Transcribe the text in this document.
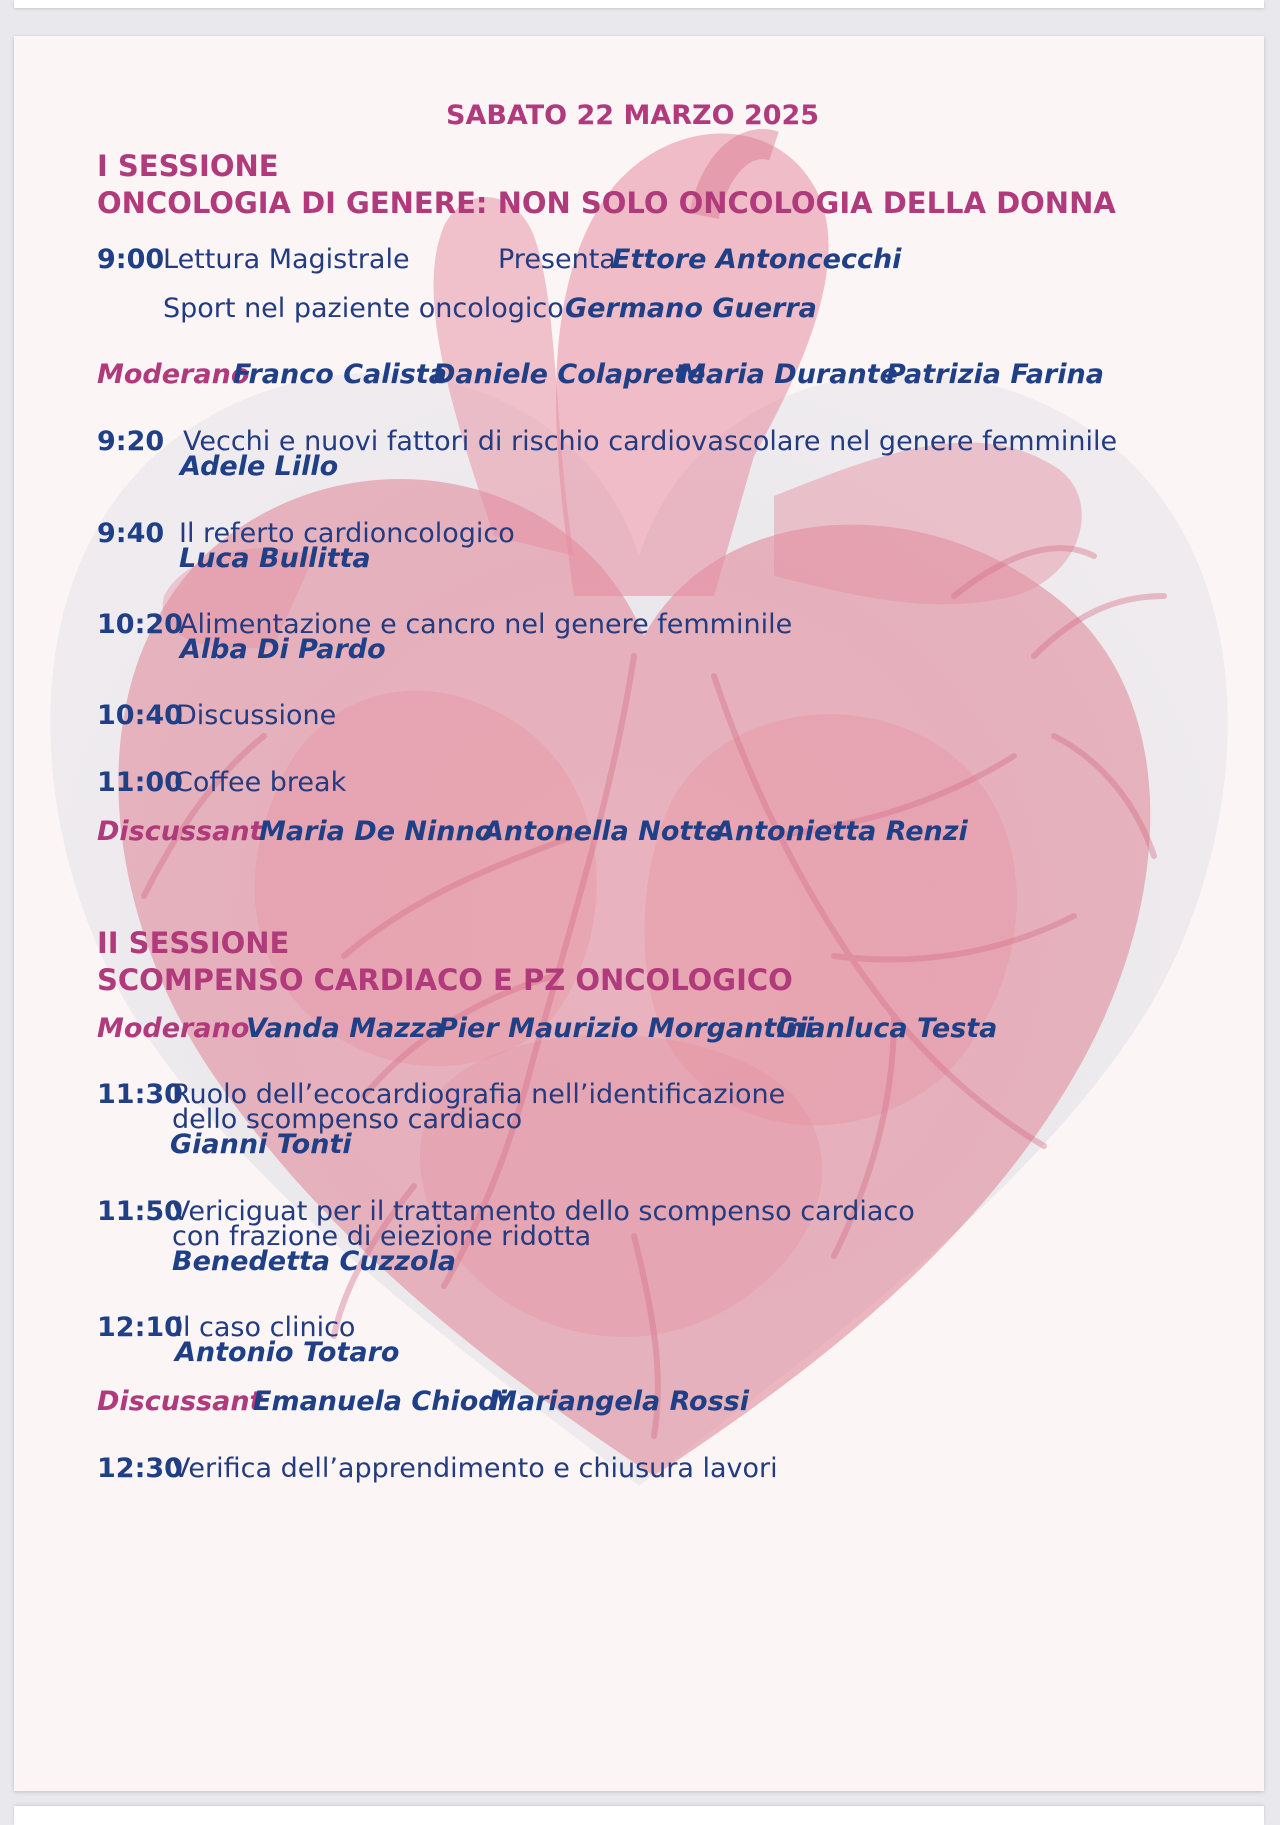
SABATO 22 MARZO 2025
I SESSIONE
ONCOLOGIA DI GENERE: NON SOLO ONCOLOGIA DELLA DONNA
9:00
Lettura Magistrale	Presenta
Ettore Antoncecchi
Sport nel paziente oncologico Germano Guerra
Moderano
Franco Calista
Daniele Colaprete
Maria Durante
Patrizia Farina
9:20 Vecchi e nuovi fattori di rischio cardiovascolare nel genere femminile
Adele Lillo
9:40 Il referto cardioncologico
Luca Bullitta
10:20
Alimentazione e cancro nel genere femminile
Alba Di Pardo
10:40
Discussione
11:00
Coffee break
Discussant
Maria De Ninno
Antonella Notte
Antonietta Renzi
II SESSIONE
SCOMPENSO CARDIACO E PZ ONCOLOGICO
Moderano
Vanda Mazza
Pier Maurizio Morgantini
Gianluca Testa
11:30
Ruolo dell’ecocardiografia nell’identificazione
dello scompenso cardiaco
Gianni Tonti
11:50
Vericiguat per il trattamento dello scompenso cardiaco
con frazione di eiezione ridotta
Benedetta Cuzzola
12:10
Il caso clinico
Antonio Totaro
Discussant
Emanuela Chiodi
Mariangela Rossi
12:30
Verifica dell’apprendimento e chiusura lavori
